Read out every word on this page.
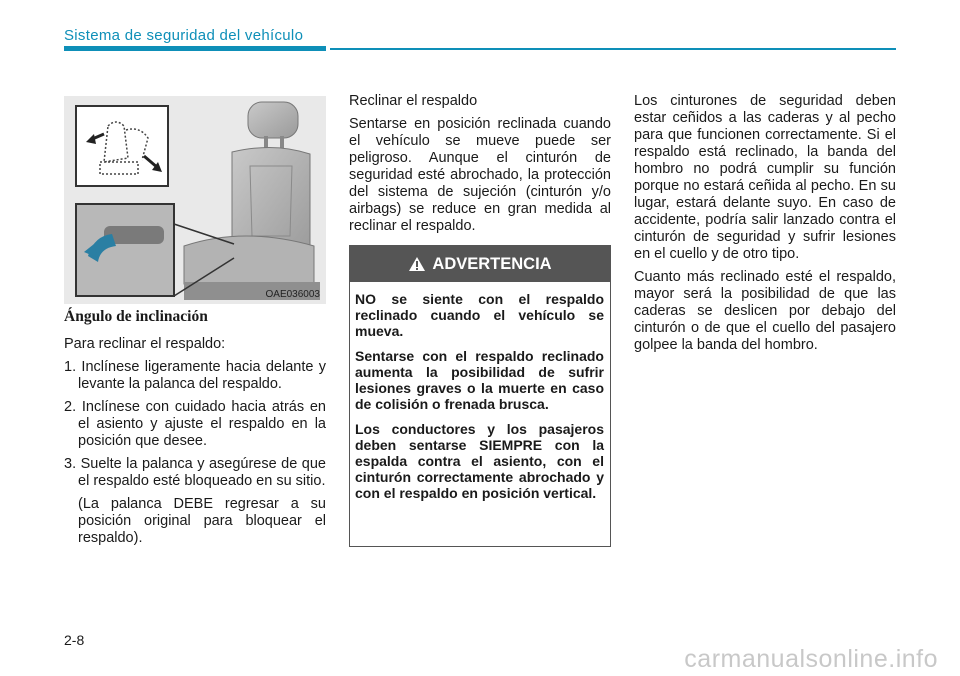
Sistema de seguridad del vehículo
OAE036003
Ángulo de inclinación

Para reclinar el respaldo:

1. Inclínese ligeramente hacia delante y levante la palanca del respaldo.
2. Inclínese con cuidado hacia atrás en el asiento y ajuste el respaldo en la posición que desee.
3. Suelte la palanca y asegúrese de que el respaldo esté bloqueado en su sitio.

(La palanca DEBE regresar a su posición original para bloquear el respaldo).

Reclinar el respaldo

Sentarse en posición reclinada cuando el vehículo se mueve puede ser peligroso. Aunque el cinturón de seguridad esté abrochado, la protección del sistema de sujeción (cinturón y/o airbags) se reduce en gran medida al reclinar el respaldo.

ADVERTENCIA

NO se siente con el respaldo reclinado cuando el vehículo se mueva.

Sentarse con el respaldo reclinado aumenta la posibilidad de sufrir lesiones graves o la muerte en caso de colisión o frenada brusca.

Los conductores y los pasajeros deben sentarse SIEMPRE con la espalda contra el asiento, con el cinturón correctamente abrochado y con el respaldo en posición vertical.

Los cinturones de seguridad deben estar ceñidos a las caderas y al pecho para que funcionen correctamente. Si el respaldo está reclinado, la banda del hombro no podrá cumplir su función porque no estará ceñida al pecho. En su lugar, estará delante suyo. En caso de accidente, podría salir lanzado contra el cinturón de seguridad y sufrir lesiones en el cuello y de otro tipo.

Cuanto más reclinado esté el respaldo, mayor será la posibilidad de que las caderas se deslicen por debajo del cinturón o de que el cuello del pasajero golpee la banda del hombro.

2-8
carmanualsonline.info
